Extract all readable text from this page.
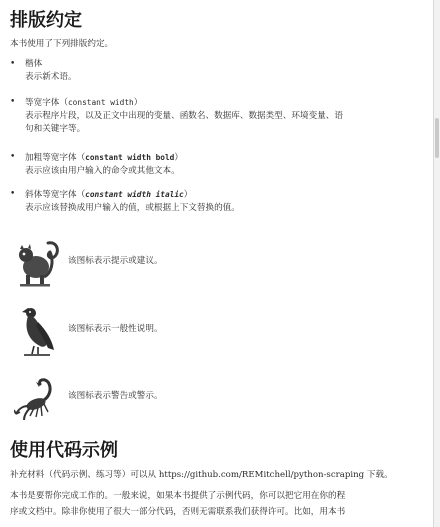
排版约定
本书使用了下列排版约定。
• 楷体
表示新术语。
• 等宽字体（constant width）
表示程序片段，以及正文中出现的变量、函数名、数据库、数据类型、环境变量、语
句和关键字等。
• 加粗等宽字体（constant width bold）
表示应该由用户输入的命令或其他文本。
• 斜体等宽字体（constant width italic）
表示应该替换成用户输入的值，或根据上下文替换的值。
该图标表示提示或建议。
该图标表示一般性说明。
该图标表示警告或警示。
使用代码示例
补充材料（代码示例、练习等）可以从 https://github.com/REMitchell/python-scraping 下载。
本书是要帮你完成工作的。一般来说，如果本书提供了示例代码，你可以把它用在你的程
序或文档中。除非你使用了很大一部分代码，否则无需联系我们获得许可。比如，用本书
